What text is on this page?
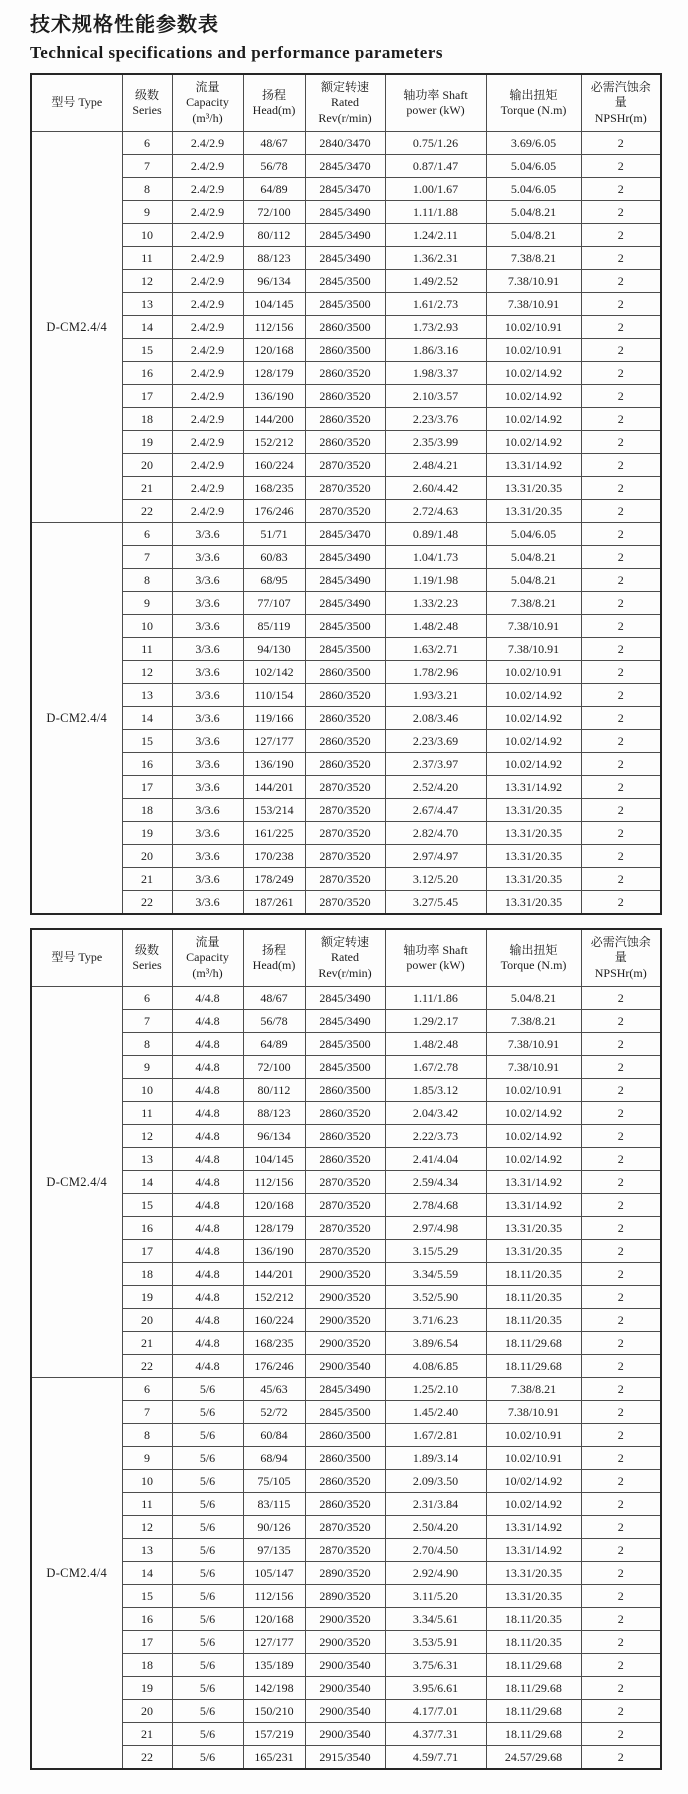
技术规格性能参数表
Technical specifications and performance parameters
型号 Type

级数
Series

流量
Capacity
(m³/h)

扬程
Head(m)

额定转速
Rated
Rev(r/min)

轴功率 Shaft
power (kW)

输出扭矩
Torque (N.m)

必需汽蚀余
量
NPSHr(m)

D-CM2.4/4	6	2.4/2.9	48/67	2840/3470	0.75/1.26	3.69/6.05	2
	7	2.4/2.9	56/78	2845/3470	0.87/1.47	5.04/6.05	2
	8	2.4/2.9	64/89	2845/3470	1.00/1.67	5.04/6.05	2
	9	2.4/2.9	72/100	2845/3490	1.11/1.88	5.04/8.21	2
	10	2.4/2.9	80/112	2845/3490	1.24/2.11	5.04/8.21	2
	11	2.4/2.9	88/123	2845/3490	1.36/2.31	7.38/8.21	2
	12	2.4/2.9	96/134	2845/3500	1.49/2.52	7.38/10.91	2
	13	2.4/2.9	104/145	2845/3500	1.61/2.73	7.38/10.91	2
	14	2.4/2.9	112/156	2860/3500	1.73/2.93	10.02/10.91	2
	15	2.4/2.9	120/168	2860/3500	1.86/3.16	10.02/10.91	2
	16	2.4/2.9	128/179	2860/3520	1.98/3.37	10.02/14.92	2
	17	2.4/2.9	136/190	2860/3520	2.10/3.57	10.02/14.92	2
	18	2.4/2.9	144/200	2860/3520	2.23/3.76	10.02/14.92	2
	19	2.4/2.9	152/212	2860/3520	2.35/3.99	10.02/14.92	2
	20	2.4/2.9	160/224	2870/3520	2.48/4.21	13.31/14.92	2
	21	2.4/2.9	168/235	2870/3520	2.60/4.42	13.31/20.35	2
	22	2.4/2.9	176/246	2870/3520	2.72/4.63	13.31/20.35	2
D-CM2.4/4	6	3/3.6	51/71	2845/3470	0.89/1.48	5.04/6.05	2
	7	3/3.6	60/83	2845/3490	1.04/1.73	5.04/8.21	2
	8	3/3.6	68/95	2845/3490	1.19/1.98	5.04/8.21	2
	9	3/3.6	77/107	2845/3490	1.33/2.23	7.38/8.21	2
	10	3/3.6	85/119	2845/3500	1.48/2.48	7.38/10.91	2
	11	3/3.6	94/130	2845/3500	1.63/2.71	7.38/10.91	2
	12	3/3.6	102/142	2860/3500	1.78/2.96	10.02/10.91	2
	13	3/3.6	110/154	2860/3520	1.93/3.21	10.02/14.92	2
	14	3/3.6	119/166	2860/3520	2.08/3.46	10.02/14.92	2
	15	3/3.6	127/177	2860/3520	2.23/3.69	10.02/14.92	2
	16	3/3.6	136/190	2860/3520	2.37/3.97	10.02/14.92	2
	17	3/3.6	144/201	2870/3520	2.52/4.20	13.31/14.92	2
	18	3/3.6	153/214	2870/3520	2.67/4.47	13.31/20.35	2
	19	3/3.6	161/225	2870/3520	2.82/4.70	13.31/20.35	2
	20	3/3.6	170/238	2870/3520	2.97/4.97	13.31/20.35	2
	21	3/3.6	178/249	2870/3520	3.12/5.20	13.31/20.35	2
	22	3/3.6	187/261	2870/3520	3.27/5.45	13.31/20.35	2
型号 Type

级数
Series

流量
Capacity
(m³/h)

扬程
Head(m)

额定转速
Rated
Rev(r/min)

轴功率 Shaft
power (kW)

输出扭矩
Torque (N.m)

必需汽蚀余
量
NPSHr(m)

D-CM2.4/4	6	4/4.8	48/67	2845/3490	1.11/1.86	5.04/8.21	2
	7	4/4.8	56/78	2845/3490	1.29/2.17	7.38/8.21	2
	8	4/4.8	64/89	2845/3500	1.48/2.48	7.38/10.91	2
	9	4/4.8	72/100	2845/3500	1.67/2.78	7.38/10.91	2
	10	4/4.8	80/112	2860/3500	1.85/3.12	10.02/10.91	2
	11	4/4.8	88/123	2860/3520	2.04/3.42	10.02/14.92	2
	12	4/4.8	96/134	2860/3520	2.22/3.73	10.02/14.92	2
	13	4/4.8	104/145	2860/3520	2.41/4.04	10.02/14.92	2
	14	4/4.8	112/156	2870/3520	2.59/4.34	13.31/14.92	2
	15	4/4.8	120/168	2870/3520	2.78/4.68	13.31/14.92	2
	16	4/4.8	128/179	2870/3520	2.97/4.98	13.31/20.35	2
	17	4/4.8	136/190	2870/3520	3.15/5.29	13.31/20.35	2
	18	4/4.8	144/201	2900/3520	3.34/5.59	18.11/20.35	2
	19	4/4.8	152/212	2900/3520	3.52/5.90	18.11/20.35	2
	20	4/4.8	160/224	2900/3520	3.71/6.23	18.11/20.35	2
	21	4/4.8	168/235	2900/3520	3.89/6.54	18.11/29.68	2
	22	4/4.8	176/246	2900/3540	4.08/6.85	18.11/29.68	2
D-CM2.4/4	6	5/6	45/63	2845/3490	1.25/2.10	7.38/8.21	2
	7	5/6	52/72	2845/3500	1.45/2.40	7.38/10.91	2
	8	5/6	60/84	2860/3500	1.67/2.81	10.02/10.91	2
	9	5/6	68/94	2860/3500	1.89/3.14	10.02/10.91	2
	10	5/6	75/105	2860/3520	2.09/3.50	10/02/14.92	2
	11	5/6	83/115	2860/3520	2.31/3.84	10.02/14.92	2
	12	5/6	90/126	2870/3520	2.50/4.20	13.31/14.92	2
	13	5/6	97/135	2870/3520	2.70/4.50	13.31/14.92	2
	14	5/6	105/147	2890/3520	2.92/4.90	13.31/20.35	2
	15	5/6	112/156	2890/3520	3.11/5.20	13.31/20.35	2
	16	5/6	120/168	2900/3520	3.34/5.61	18.11/20.35	2
	17	5/6	127/177	2900/3520	3.53/5.91	18.11/20.35	2
	18	5/6	135/189	2900/3540	3.75/6.31	18.11/29.68	2
	19	5/6	142/198	2900/3540	3.95/6.61	18.11/29.68	2
	20	5/6	150/210	2900/3540	4.17/7.01	18.11/29.68	2
	21	5/6	157/219	2900/3540	4.37/7.31	18.11/29.68	2
	22	5/6	165/231	2915/3540	4.59/7.71	24.57/29.68	2
